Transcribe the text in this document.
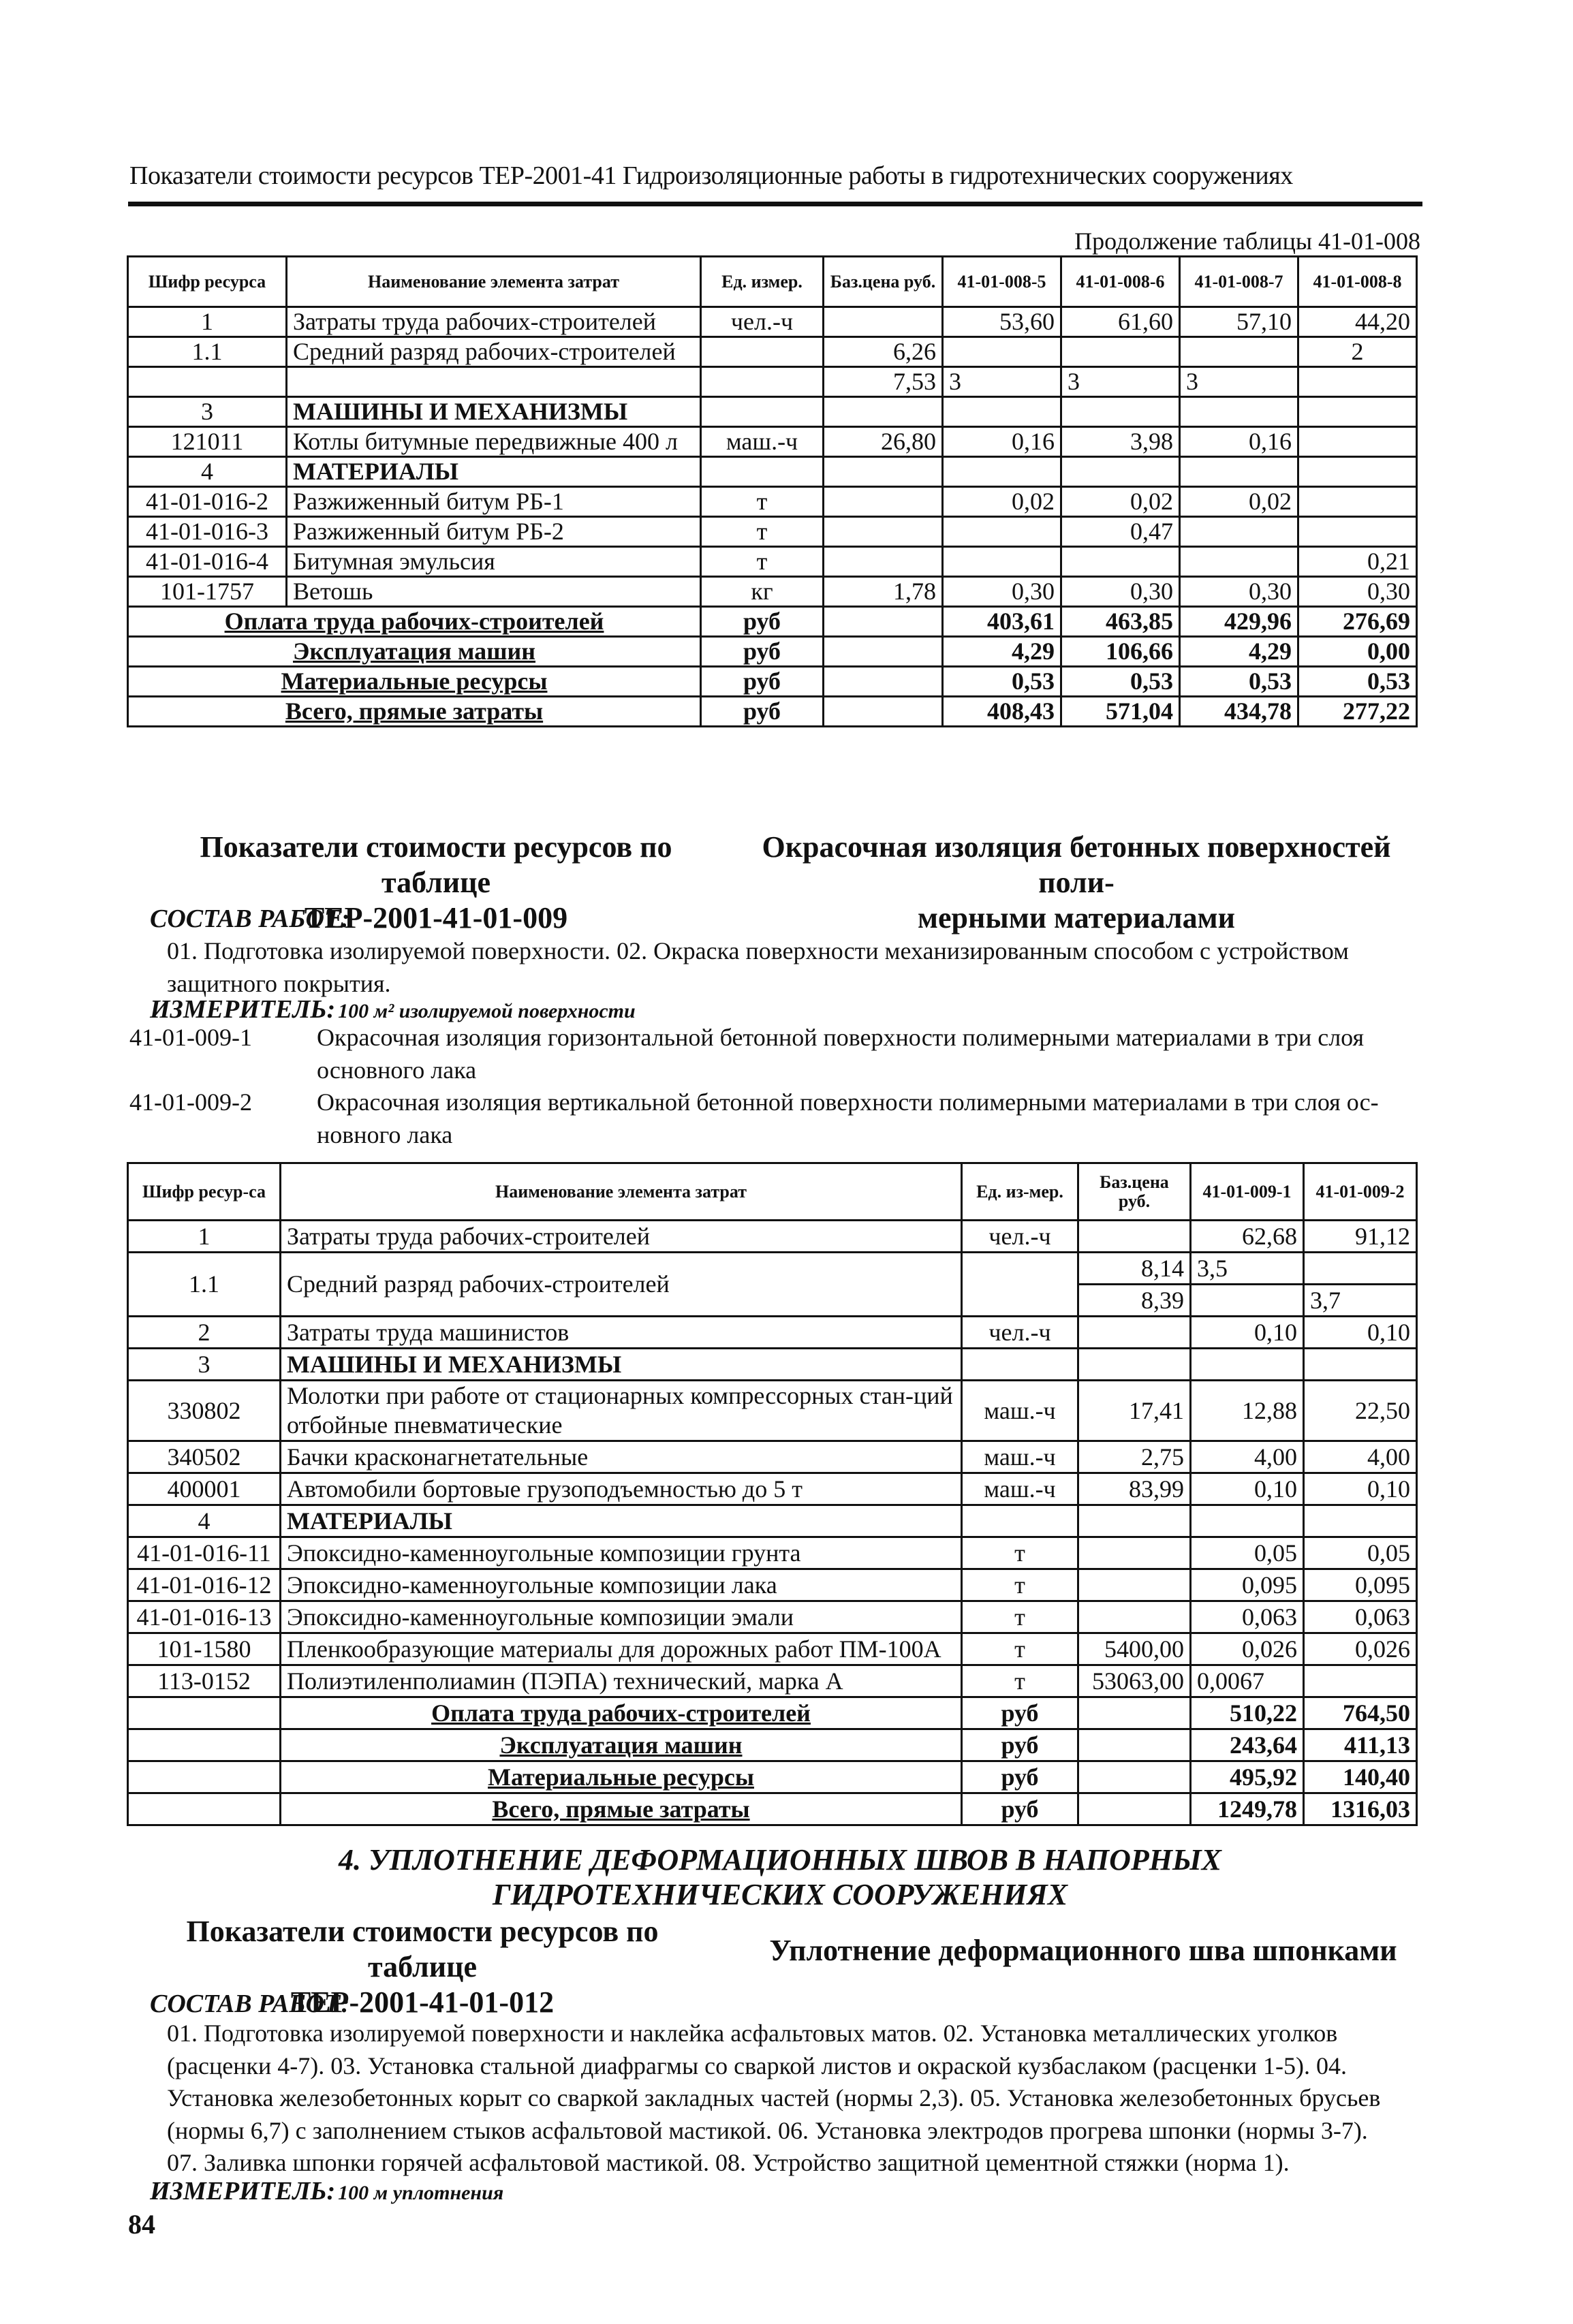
Показатели стоимости ресурсов ТЕР-2001-41 Гидроизоляционные работы в гидротехнических сооружениях
Продолжение таблицы 41-01-008
Шифр ресурса	Наименование элемента затрат	Ед. измер.	Баз.цена руб.	41-01-008-5	41-01-008-6	41-01-008-7	41-01-008-8
1	Затраты труда рабочих-строителей	чел.-ч		53,60	61,60	57,10	44,20
1.1	Средний разряд рабочих-строителей		6,26				2
			7,53	3	3	3	
3	МАШИНЫ И МЕХАНИЗМЫ						
121011	Котлы битумные передвижные 400 л	маш.-ч	26,80	0,16	3,98	0,16	
4	МАТЕРИАЛЫ						
41-01-016-2	Разжиженный битум РБ-1	т		0,02	0,02	0,02	
41-01-016-3	Разжиженный битум РБ-2	т			0,47		
41-01-016-4	Битумная эмульсия	т					0,21
101-1757	Ветошь	кг	1,78	0,30	0,30	0,30	0,30
Оплата труда рабочих-строителей		руб		403,61	463,85	429,96	276,69
Эксплуатация машин		руб		4,29	106,66	4,29	0,00
Материальные ресурсы		руб		0,53	0,53	0,53	0,53
Всего, прямые затраты		руб		408,43	571,04	434,78	277,22
Показатели стоимости ресурсов по таблице
ТЕР-2001-41-01-009
Окрасочная изоляция бетонных поверхностей поли-
мерными материалами
СОСТАВ РАБОТ:
01. Подготовка изолируемой поверхности. 02. Окраска поверхности механизированным способом с устройством
защитного покрытия.
ИЗМЕРИТЕЛЬ: 100 м² изолируемой поверхности
41-01-009-1	Окрасочная изоляция горизонтальной бетонной поверхности полимерными материалами в три слоя
основного лака
41-01-009-2	Окрасочная изоляция вертикальной бетонной поверхности полимерными материалами в три слоя ос-
новного лака
Шифр ресур-са	Наименование элемента затрат	Ед. из-мер.	Баз.цена руб.	41-01-009-1	41-01-009-2
1	Затраты труда рабочих-строителей	чел.-ч		62,68	91,12
1.1	Средний разряд рабочих-строителей		8,14	3,5	
			8,39		3,7
2	Затраты труда машинистов	чел.-ч		0,10	0,10
3	МАШИНЫ И МЕХАНИЗМЫ				
330802	Молотки при работе от стационарных компрессорных стан-ций отбойные пневматические	маш.-ч	17,41	12,88	22,50
340502	Бачки красконагнетательные	маш.-ч	2,75	4,00	4,00
400001	Автомобили бортовые грузоподъемностью до 5 т	маш.-ч	83,99	0,10	0,10
4	МАТЕРИАЛЫ				
41-01-016-11	Эпоксидно-каменноугольные композиции грунта	т		0,05	0,05
41-01-016-12	Эпоксидно-каменноугольные композиции лака	т		0,095	0,095
41-01-016-13	Эпоксидно-каменноугольные композиции эмали	т		0,063	0,063
101-1580	Пленкообразующие материалы для дорожных работ ПМ-100А	т	5400,00	0,026	0,026
113-0152	Полиэтиленполиамин (ПЭПА) технический, марка А	т	53063,00	0,0067	
	Оплата труда рабочих-строителей	руб		510,22	764,50
	Эксплуатация машин	руб		243,64	411,13
	Материальные ресурсы	руб		495,92	140,40
	Всего, прямые затраты	руб		1249,78	1316,03
4. УПЛОТНЕНИЕ ДЕФОРМАЦИОННЫХ ШВОВ В НАПОРНЫХ
ГИДРОТЕХНИЧЕСКИХ СООРУЖЕНИЯХ
Показатели стоимости ресурсов по таблице
ТЕР-2001-41-01-012
Уплотнение деформационного шва шпонками
СОСТАВ РАБОТ:
01. Подготовка изолируемой поверхности и наклейка асфальтовых матов. 02. Установка металлических уголков
(расценки 4-7). 03. Установка стальной диафрагмы со сваркой листов и окраской кузбаслаком (расценки 1-5). 04.
Установка железобетонных корыт со сваркой закладных частей (нормы 2,3). 05. Установка железобетонных брусьев
(нормы 6,7) с заполнением стыков асфальтовой мастикой. 06. Установка электродов прогрева шпонки (нормы 3-7).
07. Заливка шпонки горячей асфальтовой мастикой. 08. Устройство защитной цементной стяжки (норма 1).
ИЗМЕРИТЕЛЬ: 100 м уплотнения
84
